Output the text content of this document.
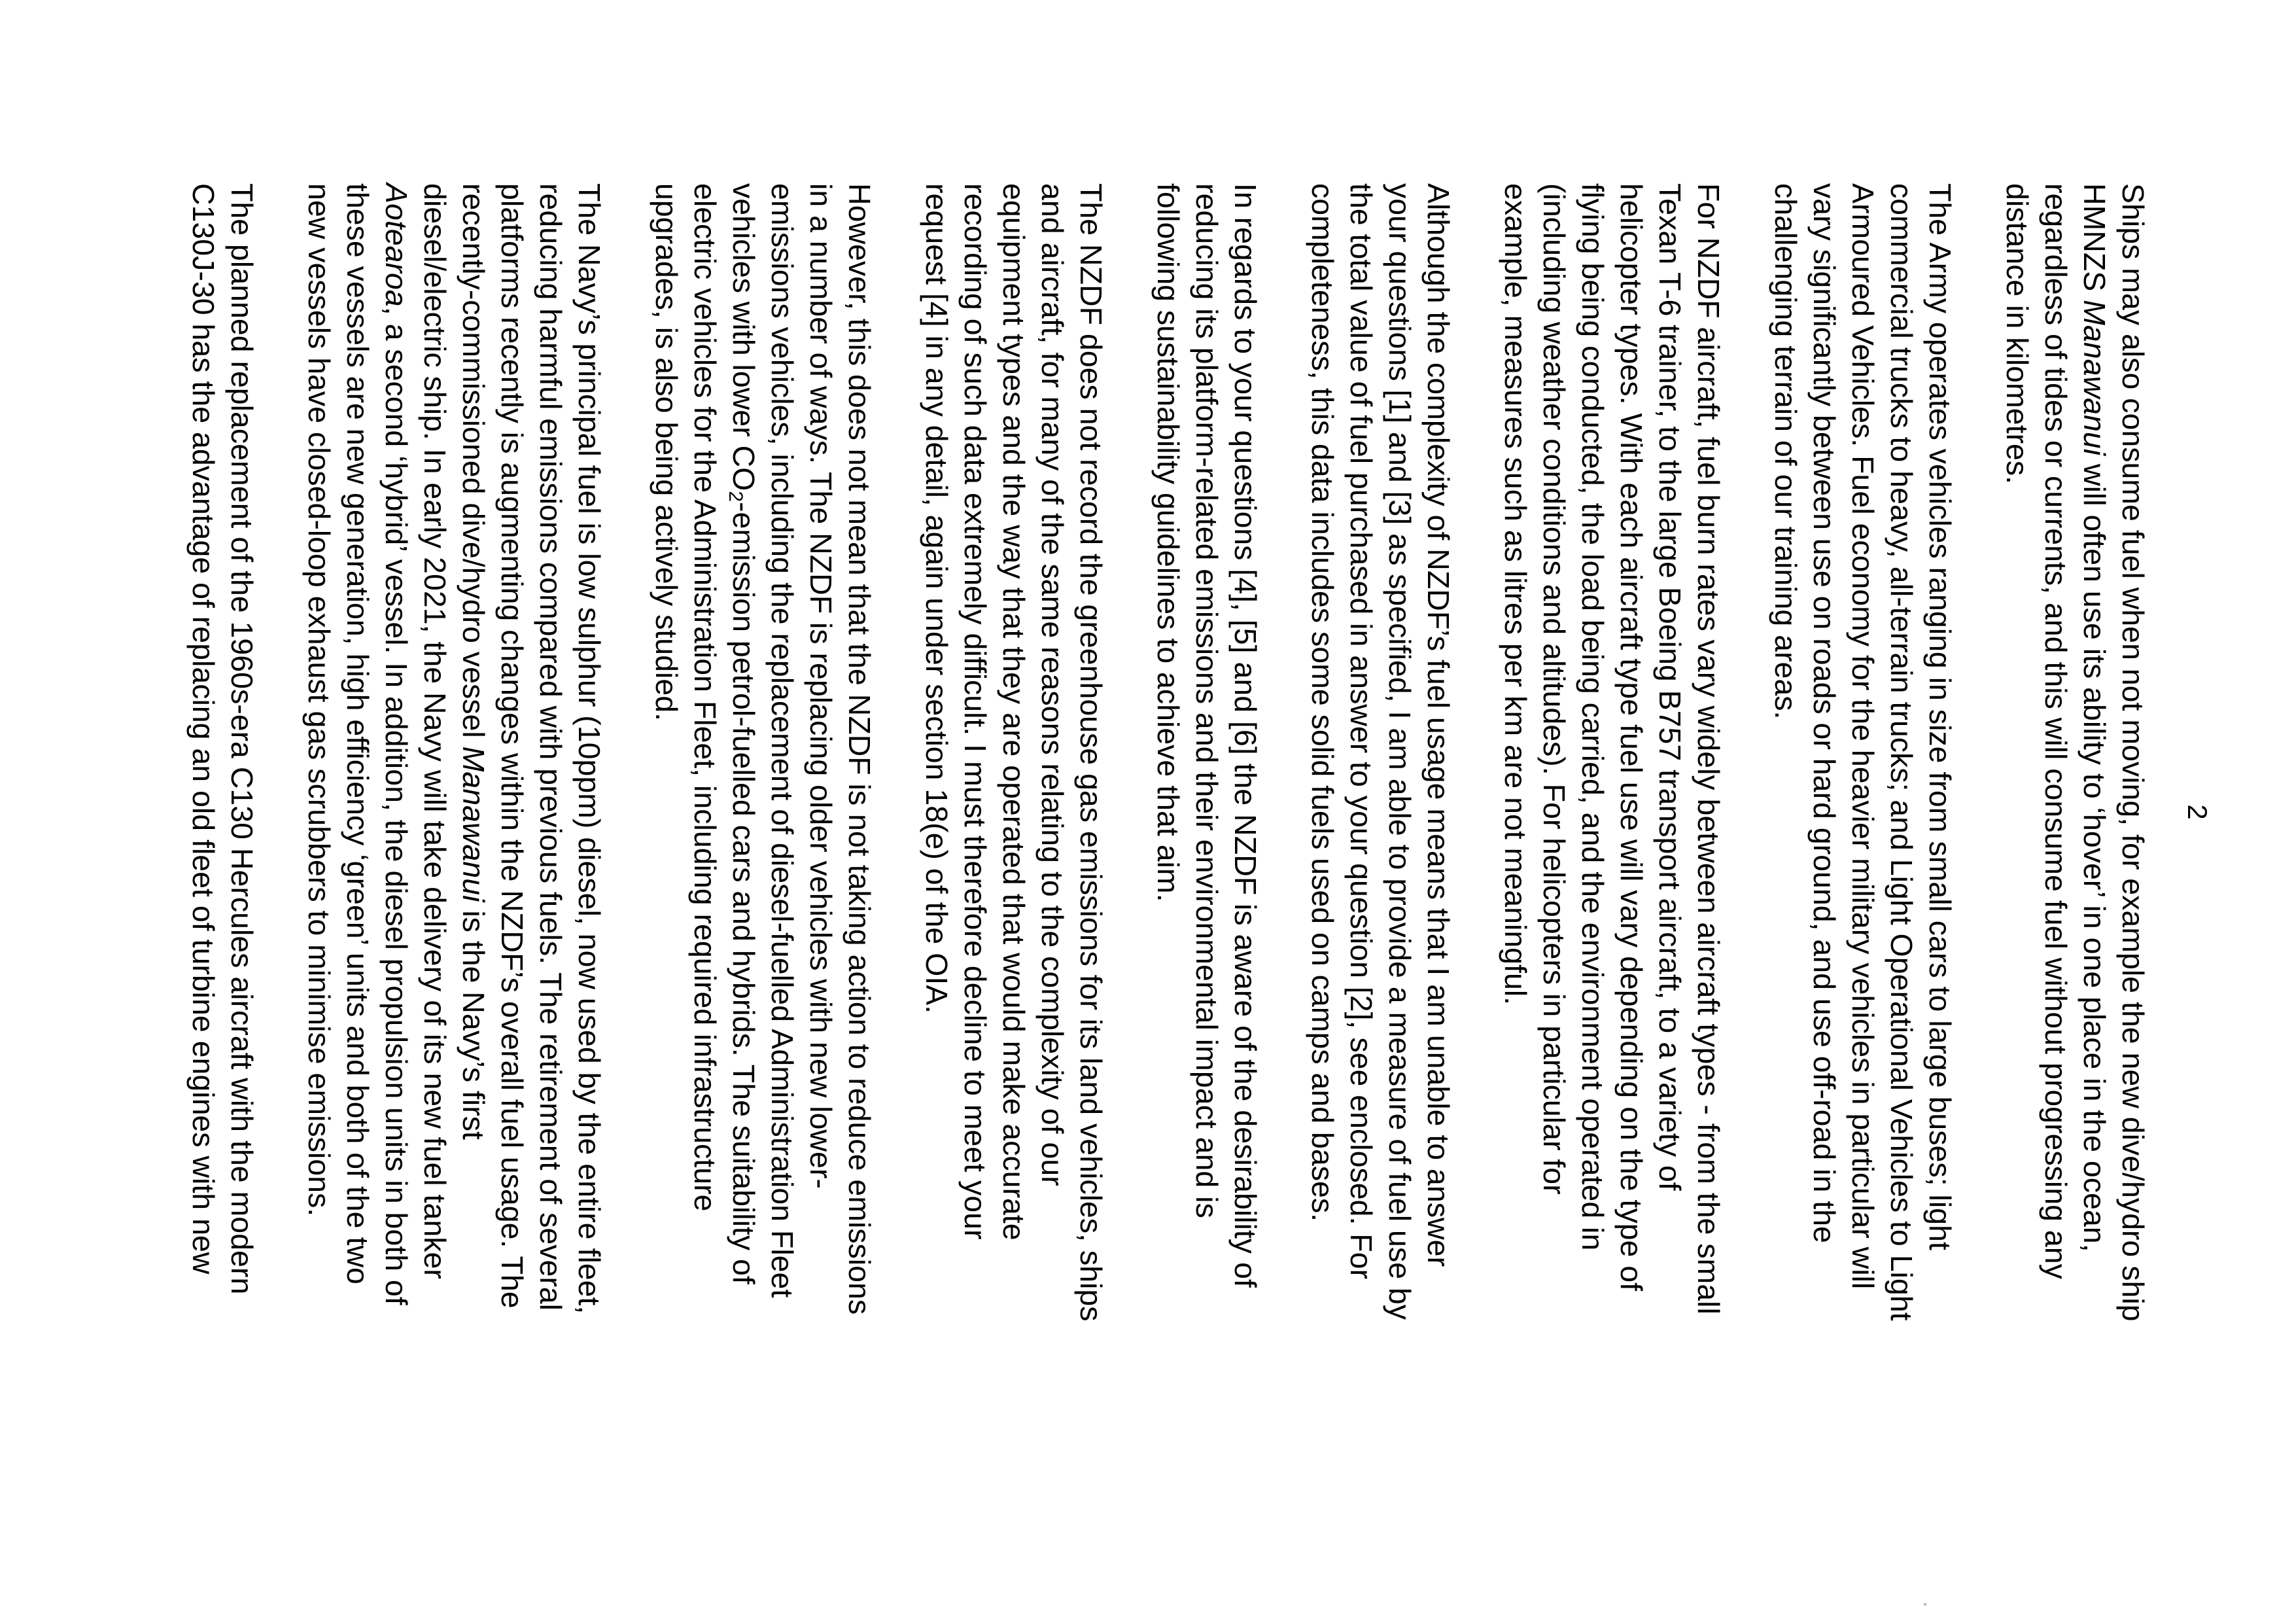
2

Ships may also consume fuel when not moving, for example the new dive/hydro ship
HMNZS Manawanui will often use its ability to ‘hover’ in one place in the ocean,
regardless of tides or currents, and this will consume fuel without progressing any
distance in kilometres.

The Army operates vehicles ranging in size from small cars to large buses; light
commercial trucks to heavy, all-terrain trucks; and Light Operational Vehicles to Light
Armoured Vehicles. Fuel economy for the heavier military vehicles in particular will
vary significantly between use on roads or hard ground, and use off-road in the
challenging terrain of our training areas.

For NZDF aircraft, fuel burn rates vary widely between aircraft types - from the small
Texan T-6 trainer, to the large Boeing B757 transport aircraft, to a variety of
helicopter types. With each aircraft type fuel use will vary depending on the type of
flying being conducted, the load being carried, and the environment operated in
(including weather conditions and altitudes). For helicopters in particular for
example, measures such as litres per km are not meaningful.

Although the complexity of NZDF’s fuel usage means that I am unable to answer
your questions [1] and [3] as specified, I am able to provide a measure of fuel use by
the total value of fuel purchased in answer to your question [2], see enclosed. For
completeness, this data includes some solid fuels used on camps and bases.

In regards to your questions [4], [5] and [6] the NZDF is aware of the desirability of
reducing its platform-related emissions and their environmental impact and is
following sustainability guidelines to achieve that aim.

The NZDF does not record the greenhouse gas emissions for its land vehicles, ships
and aircraft, for many of the same reasons relating to the complexity of our
equipment types and the way that they are operated that would make accurate
recording of such data extremely difficult. I must therefore decline to meet your
request [4] in any detail, again under section 18(e) of the OIA.

However, this does not mean that the NZDF is not taking action to reduce emissions
in a number of ways. The NZDF is replacing older vehicles with new lower-
emissions vehicles, including the replacement of diesel-fuelled Administration Fleet
vehicles with lower $CO_2$-emission petrol-fuelled cars and hybrids. The suitability of
electric vehicles for the Administration Fleet, including required infrastructure
upgrades, is also being actively studied.

The Navy’s principal fuel is low sulphur (10ppm) diesel, now used by the entire fleet,
reducing harmful emissions compared with previous fuels. The retirement of several
platforms recently is augmenting changes within the NZDF’s overall fuel usage. The
recently-commissioned dive/hydro vessel Manawanui is the Navy’s first
diesel/electric ship. In early 2021, the Navy will take delivery of its new fuel tanker
Aotearoa, a second ‘hybrid’ vessel. In addition, the diesel propulsion units in both of
these vessels are new generation, high efficiency ‘green’ units and both of the two
new vessels have closed-loop exhaust gas scrubbers to minimise emissions.

The planned replacement of the 1960s-era C130 Hercules aircraft with the modern
C130J-30 has the advantage of replacing an old fleet of turbine engines with new
